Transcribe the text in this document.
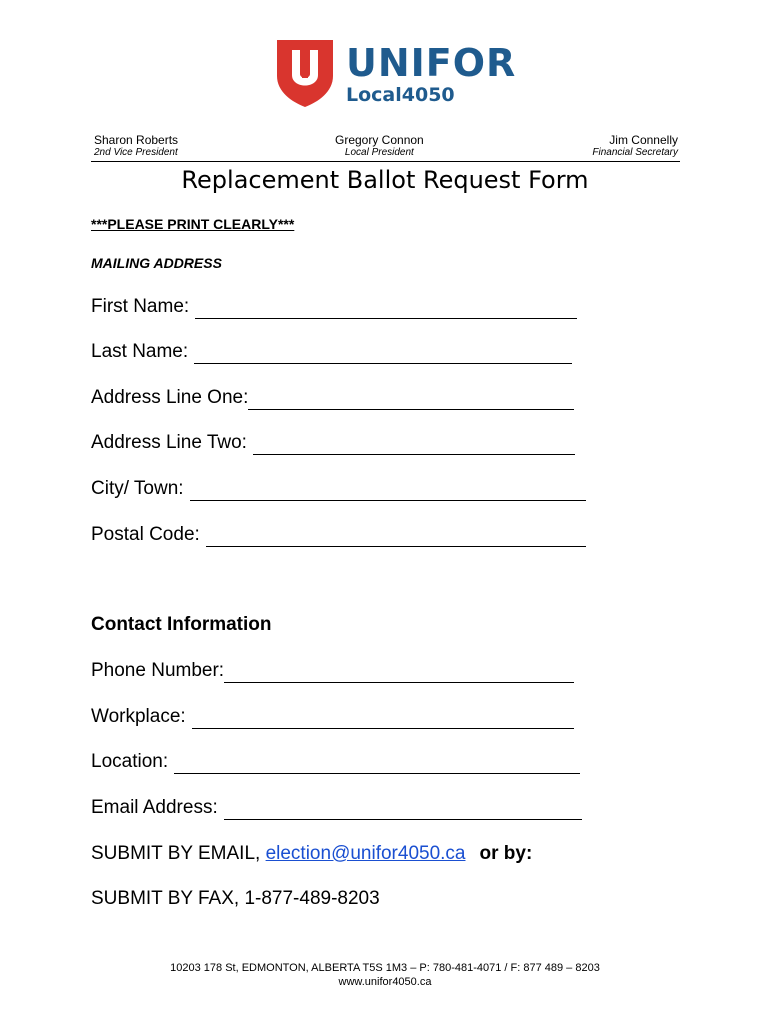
UNIFOR
Local4050
Sharon Roberts
2nd Vice President
Gregory Connon
Local President
Jim Connelly
Financial Secretary
Replacement Ballot Request Form
***PLEASE PRINT CLEARLY***
MAILING ADDRESS
First Name:
Last Name:
Address Line One:
Address Line Two:
City/ Town:
Postal Code:
Contact Information
Phone Number:
Workplace:
Location:
Email Address:
SUBMIT BY EMAIL, election@unifor4050.ca or by:
SUBMIT BY FAX, 1-877-489-8203
10203 178 St, EDMONTON, ALBERTA T5S 1M3 – P: 780-481-4071 / F: 877 489 – 8203
www.unifor4050.ca
